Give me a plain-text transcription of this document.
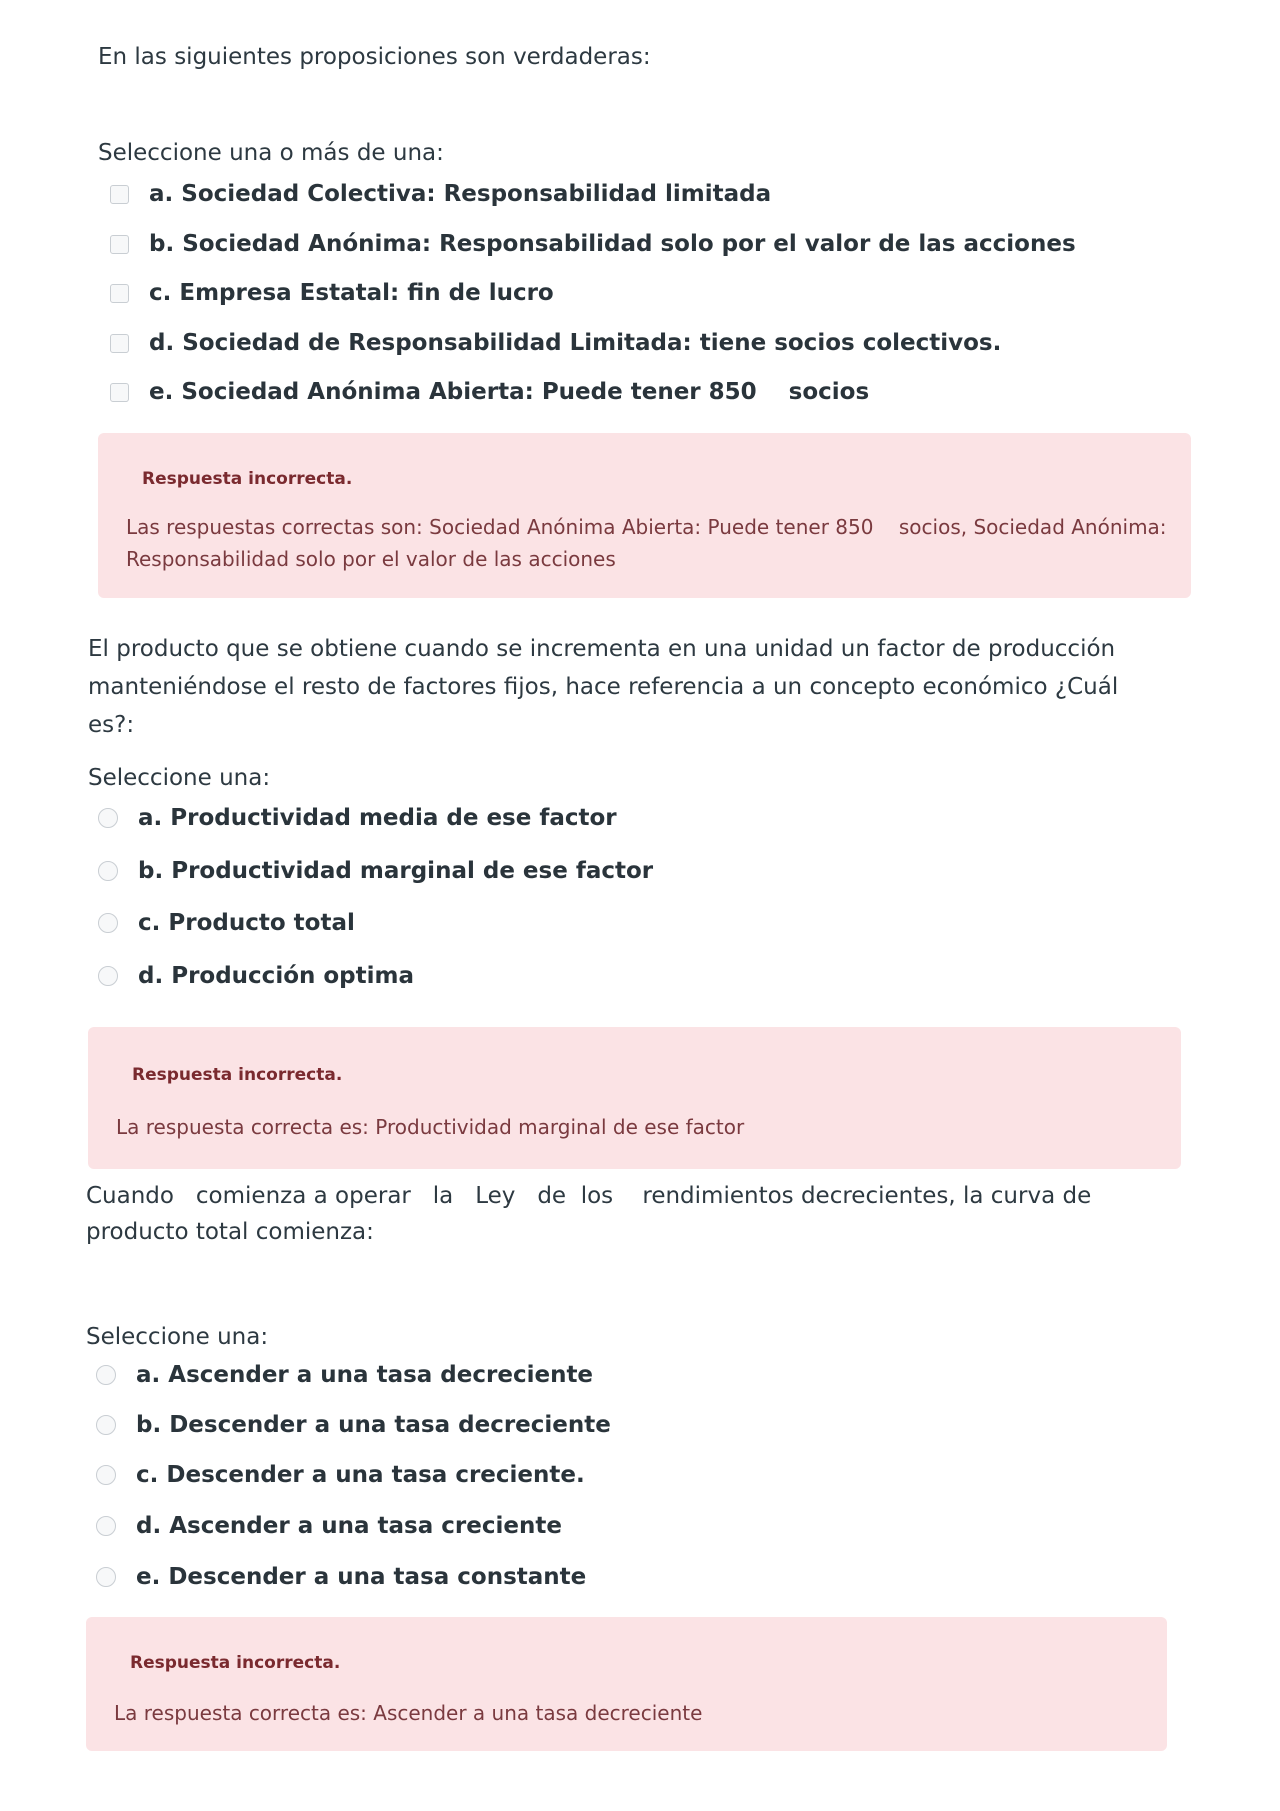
En las siguientes proposiciones son verdaderas:

Seleccione una o más de una:

a. Sociedad Colectiva: Responsabilidad limitada
b. Sociedad Anónima: Responsabilidad solo por el valor de las acciones
c. Empresa Estatal: fin de lucro
d. Sociedad de Responsabilidad Limitada: tiene socios colectivos.
e. Sociedad Anónima Abierta: Puede tener 850    socios
Respuesta incorrecta.
Las respuestas correctas son: Sociedad Anónima Abierta: Puede tener 850    socios, Sociedad Anónima: Responsabilidad solo por el valor de las acciones

El producto que se obtiene cuando se incrementa en una unidad un factor de producción manteniéndose el resto de factores fijos, hace referencia a un concepto económico ¿Cuál es?:

Seleccione una:

a. Productividad media de ese factor
b. Productividad marginal de ese factor
c. Producto total
d. Producción optima
Respuesta incorrecta.
La respuesta correcta es: Productividad marginal de ese factor

Cuando   comienza a operar   la   Ley   de  los    rendimientos decrecientes, la curva de producto total comienza:

Seleccione una:

a. Ascender a una tasa decreciente
b. Descender a una tasa decreciente
c. Descender a una tasa creciente.
d. Ascender a una tasa creciente
e. Descender a una tasa constante
Respuesta incorrecta.
La respuesta correcta es: Ascender a una tasa decreciente
